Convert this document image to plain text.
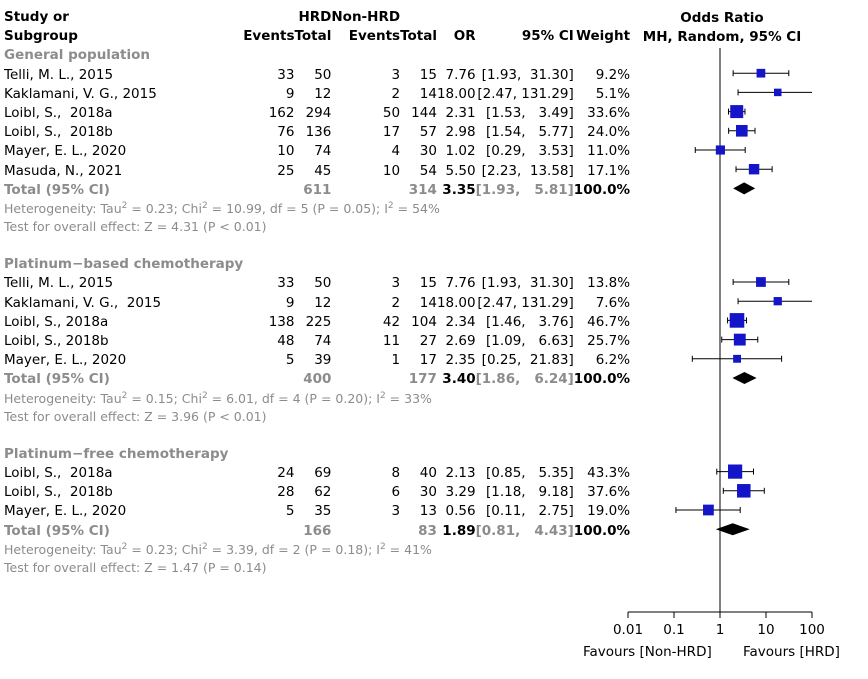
Study or		HRD	Non-HRD				
Subgroup	Events	Total	Events	Total	OR	95% CI	Weight
General population							
Telli, M. L., 2015	33	50	3	15	7.76	[1.93,  31.30]	9.2%
Kaklamani, V. G., 2015	9	12	2	14	18.00	[2.47, 131.29]	5.1%
Loibl, S.,  2018a	162	294	50	144	2.31	[1.53,   3.49]	33.6%
Loibl, S.,  2018b	76	136	17	57	2.98	[1.54,   5.77]	24.0%
Mayer, E. L., 2020	10	74	4	30	1.02	[0.29,   3.53]	11.0%
Masuda, N., 2021	25	45	10	54	5.50	[2.23,  13.58]	17.1%
Total (95% CI)		611		314	3.35	[1.93,   5.81]	100.0%
Heterogeneity: Tau$^2$ = 0.23; Chi$^2$ = 10.99, df = 5 (P = 0.05); $I^2 = 54\%$							
Test for overall effect: Z = 4.31 (P < 0.01)							

Platinum−based chemotherapy							
Telli, M. L., 2015	33	50	3	15	7.76	[1.93,  31.30]	13.8%
Kaklamani, V. G.,  2015	9	12	2	14	18.00	[2.47, 131.29]	7.6%
Loibl, S., 2018a	138	225	42	104	2.34	[1.46,   3.76]	46.7%
Loibl, S., 2018b	48	74	11	27	2.69	[1.09,   6.63]	25.7%
Mayer, E. L., 2020	5	39	1	17	2.35	[0.25,  21.83]	6.2%
Total (95% CI)		400		177	3.40	[1.86,   6.24]	100.0%
Heterogeneity: Tau$^2$ = 0.15; Chi$^2$ = 6.01, df = 4 (P = 0.20); $I^2 = 33\%$							
Test for overall effect: Z = 3.96 (P < 0.01)							

Platinum−free chemotherapy							
Loibl, S.,  2018a	24	69	8	40	2.13	[0.85,   5.35]	43.3%
Loibl, S.,  2018b	28	62	6	30	3.29	[1.18,   9.18]	37.6%
Mayer, E. L., 2020	5	35	3	13	0.56	[0.11,   2.75]	19.0%
Total (95% CI)		166		83	1.89	[0.81,   4.43]	100.0%
Heterogeneity: Tau$^2$ = 0.23; Chi$^2$ = 3.39, df = 2 (P = 0.18); $I^2 = 41\%$							
Test for overall effect: Z = 1.47 (P = 0.14)							
Odds Ratio
MH, Random, 95% CI
0.01 0.1 1 10 100
Favours [Non-HRD] Favours [HRD]
